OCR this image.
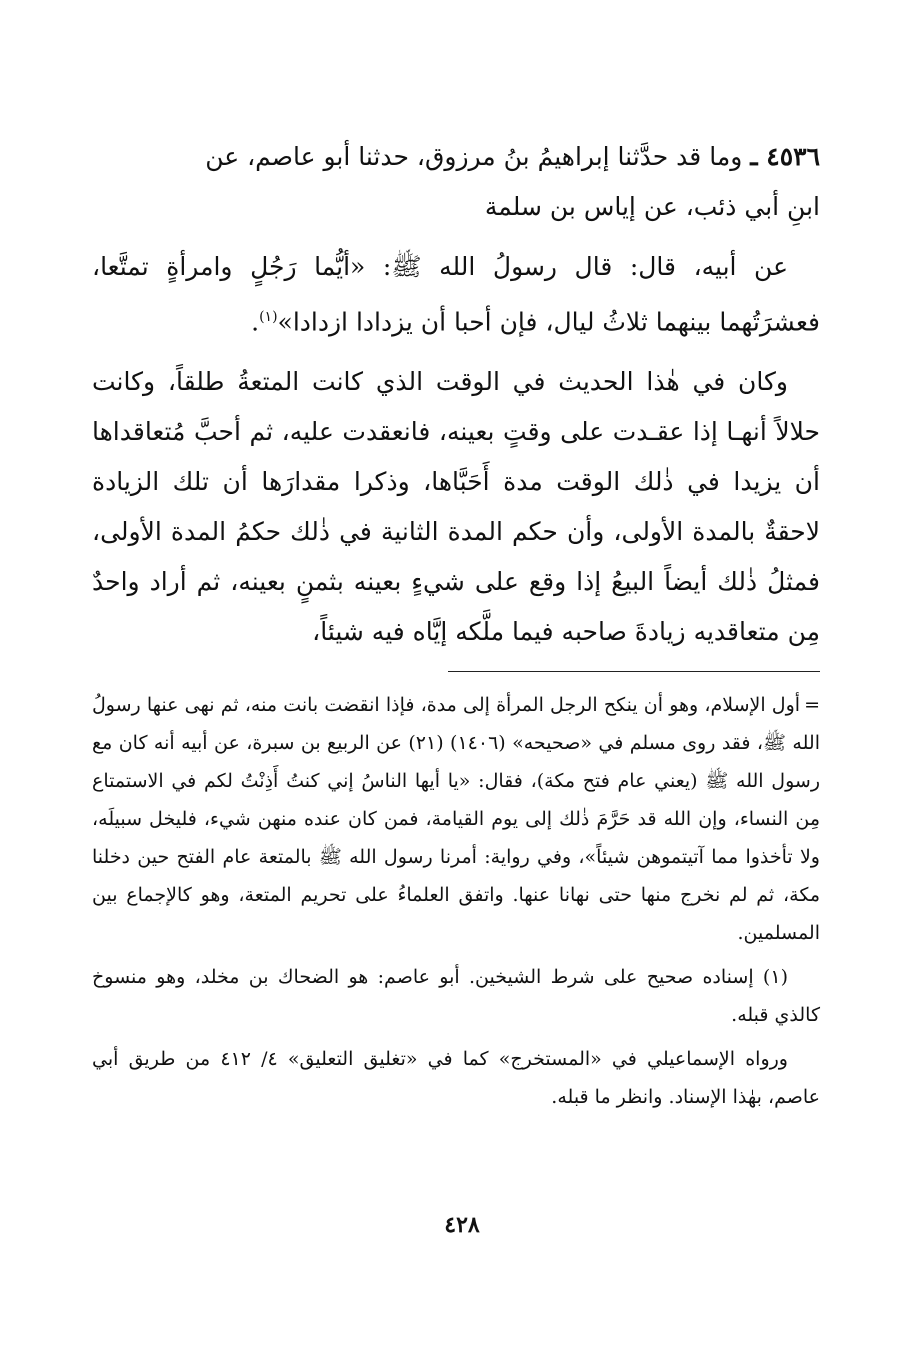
٤٥٣٦ ـ وما قد حدَّثنا إبراهيمُ بنُ مرزوق، حدثنا أبو عاصم، عن
ابنِ أبي ذئب، عن إياس بن سلمة

عن أبيه، قال: قال رسولُ الله ﷺ: «أيُّما رَجُلٍ وامرأةٍ تمتَّعا، فعشرَتُهما بينهما ثلاثُ ليال، فإن أحبا أن يزدادا ازدادا»$^{(١)}$.

وكان في هٰذا الحديث في الوقت الذي كانت المتعةُ طلقاً، وكانت حلالاً أنهـا إذا عقـدت على وقتٍ بعينه، فانعقدت عليه، ثم أحبَّ مُتعاقداها أن يزيدا في ذٰلك الوقت مدة أَحَبَّاها، وذكرا مقدارَها أن تلك الزيادة لاحقةٌ بالمدة الأولى، وأن حكم المدة الثانية في ذٰلك حكمُ المدة الأولى، فمثلُ ذٰلك أيضاً البيعُ إذا وقع على شيءٍ بعينه بثمنٍ بعينه، ثم أراد واحدٌ مِن متعاقديه زيادةَ صاحبه فيما ملَّكه إيَّاه فيه شيئاً،

=أول الإسلام، وهو أن ينكح الرجل المرأة إلى مدة، فإذا انقضت بانت منه، ثم نهى عنها رسولُ الله ﷺ، فقد روى مسلم في «صحيحه» (١٤٠٦) (٢١) عن الربيع بن سبرة، عن أبيه أنه كان مع رسول الله ﷺ (يعني عام فتح مكة)، فقال: «يا أيها الناسُ إني كنتُ أَذِنْتُ لكم في الاستمتاع مِن النساء، وإن الله قد حَرَّمَ ذٰلك إلى يوم القيامة، فمن كان عنده منهن شيء، فليخل سبيلَه، ولا تأخذوا مما آتيتموهن شيئاً»، وفي رواية: أمرنا رسول الله ﷺ بالمتعة عام الفتح حين دخلنا مكة، ثم لم نخرج منها حتى نهانا عنها. واتفق العلماءُ على تحريم المتعة، وهو كالإجماع بين المسلمين.

(١) إسناده صحيح على شرط الشيخين. أبو عاصم: هو الضحاك بن مخلد، وهو منسوخ كالذي قبله.

ورواه الإسماعيلي في «المستخرج» كما في «تغليق التعليق» ٤/ ٤١٢ من طريق أبي عاصم، بهٰذا الإسناد. وانظر ما قبله.

٤٢٨
